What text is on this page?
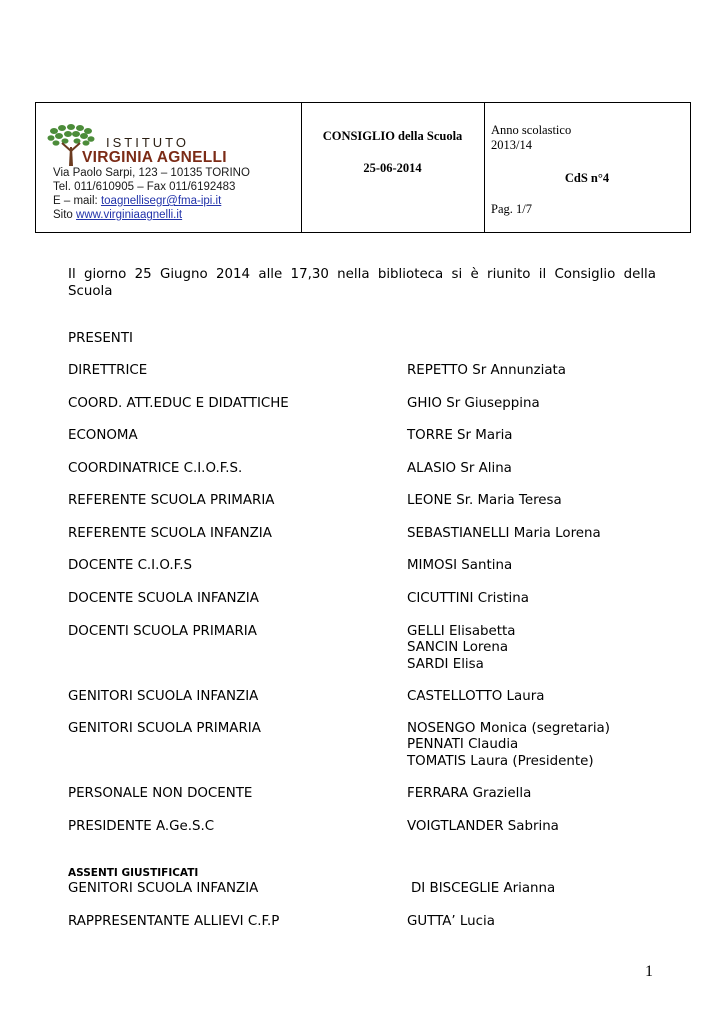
ISTITUTO
VIRGINIA AGNELLI
Via Paolo Sarpi, 123 – 10135 TORINO
Tel. 011/610905 – Fax 011/6192483
E – mail: toagnellisegr@fma-ipi.it
Sito www.virginiaagnelli.it
CONSIGLIO della Scuola
25-06-2014
Anno scolastico
2013/14
CdS n°4
Pag. 1/7
Il giorno 25 Giugno 2014 alle 17,30 nella biblioteca si è riunito il Consiglio della Scuola
PRESENTI
DIRETTRICE	REPETTO Sr Annunziata
COORD. ATT.EDUC E DIDATTICHE	GHIO Sr Giuseppina
ECONOMA	TORRE Sr Maria
COORDINATRICE C.I.O.F.S.	ALASIO Sr Alina
REFERENTE SCUOLA PRIMARIA	LEONE Sr. Maria Teresa
REFERENTE SCUOLA INFANZIA	SEBASTIANELLI Maria Lorena
DOCENTE C.I.O.F.S	MIMOSI Santina
DOCENTE SCUOLA INFANZIA	CICUTTINI Cristina
DOCENTI SCUOLA PRIMARIA	GELLI Elisabetta
SANCIN Lorena
SARDI Elisa
GENITORI SCUOLA INFANZIA	CASTELLOTTO Laura
GENITORI SCUOLA PRIMARIA	NOSENGO Monica (segretaria)
PENNATI Claudia
TOMATIS Laura (Presidente)
PERSONALE NON DOCENTE	FERRARA Graziella
PRESIDENTE A.Ge.S.C	VOIGTLANDER Sabrina
ASSENTI GIUSTIFICATI
GENITORI SCUOLA INFANZIA	DI BISCEGLIE Arianna
RAPPRESENTANTE ALLIEVI C.F.P	GUTTA’ Lucia
1
